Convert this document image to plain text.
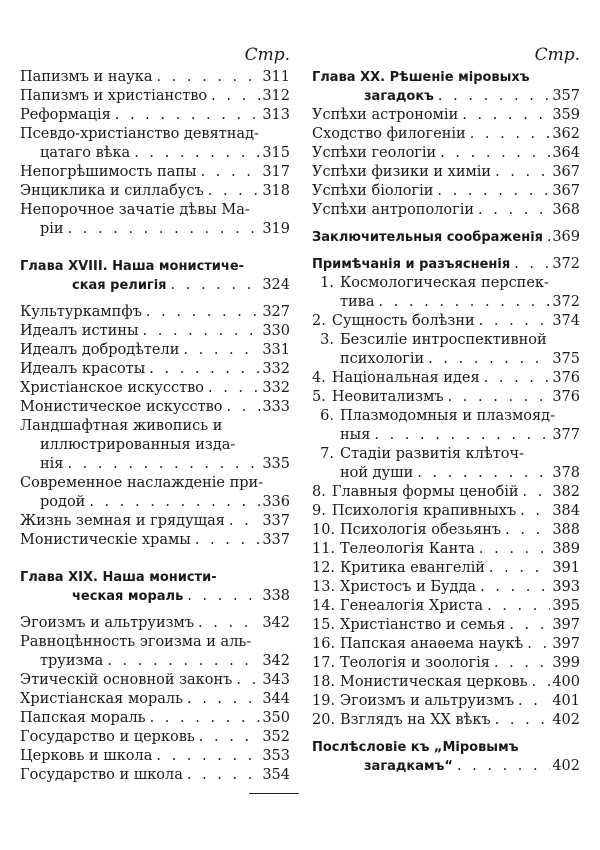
Стр.
Папизмъ и наука . . .	311
Папизмъ и христіанство . . .	312
Реформація . . .	313
Псевдо-христіанство девятнад-
цатаго вѣка . . .	315
Непогрѣшимость папы . . .	317
Энциклика и силлабусъ . . .	318
Непорочное зачатіе дѣвы Ма-
ріи . . .	319
Глава XVIII. Наша монистиче-
ская религія . . .	324
Культуркампфъ . . .	327
Идеалъ истины . . .	330
Идеалъ добродѣтели . . .	331
Идеалъ красоты . . .	332
Христіанское искусство . . .	332
Монистическое искусство . . .	333
Ландшафтная живопись и
иллюстрированныя изда-
нія . . .	335
Современное наслажденіе при-
родой . . .	336
Жизнь земная и грядущая . . .	337
Монистическіе храмы . . .	337
Глава XIX. Наша монисти-
ческая мораль . . .	338
Эгоизмъ и альтруизмъ . . .	342
Равноцѣнность эгоизма и аль-
труизма . . .	342
Этическій основной законъ . . . 343
Христіанская мораль . . .	344
Папская мораль . . .	350
Государство и церковь . . .	352
Церковь и школа . . .	353
Государство и школа . . .	354
Стр.
Глава XX. Рѣшеніе міровыхъ
загадокъ . . .	357
Успѣхи астрономіи . . .	359
Сходство филогеніи . . .	362
Успѣхи геологіи . . .	364
Успѣхи физики и химіи . . .	367
Успѣхи біологіи . . .	367
Успѣхи антропологіи . . .	368
Заключительныя соображенія . . . 369
Примѣчанія и разъясненія . . .	372
1. Космологическая перспек-
тива . . .	372
2. Сущность болѣзни . . .	374
3. Безсиліе интроспективной
психологіи . . .	375
4. Національная идея . . .	376
5. Неовитализмъ . . .	376
6. Плазмодомныя и плазмояд-
ныя . . .	377
7. Стадіи развитія клѣточ-
ной души . . .	378
8. Главныя формы ценобій . . . 382
9. Психологія крапивныхъ . . . 384
10. Психологія обезьянъ . . .	388
11. Телеологія Канта . . .	389
12. Критика евангелій . . .	391
13. Христосъ и Будда . . .	393
14. Генеалогія Христа . . .	395
15. Христіанство и семья . . .	397
16. Папская анаѳема наукѣ . . . 397
17. Теологія и зоологія . . .	399
18. Монистическая церковь . . . 400
19. Эгоизмъ и альтруизмъ . . .	401
20. Взглядъ на XX вѣкъ . . .	402
Послѣсловіе къ „Міровымъ
загадкамъ“ . . .	402
